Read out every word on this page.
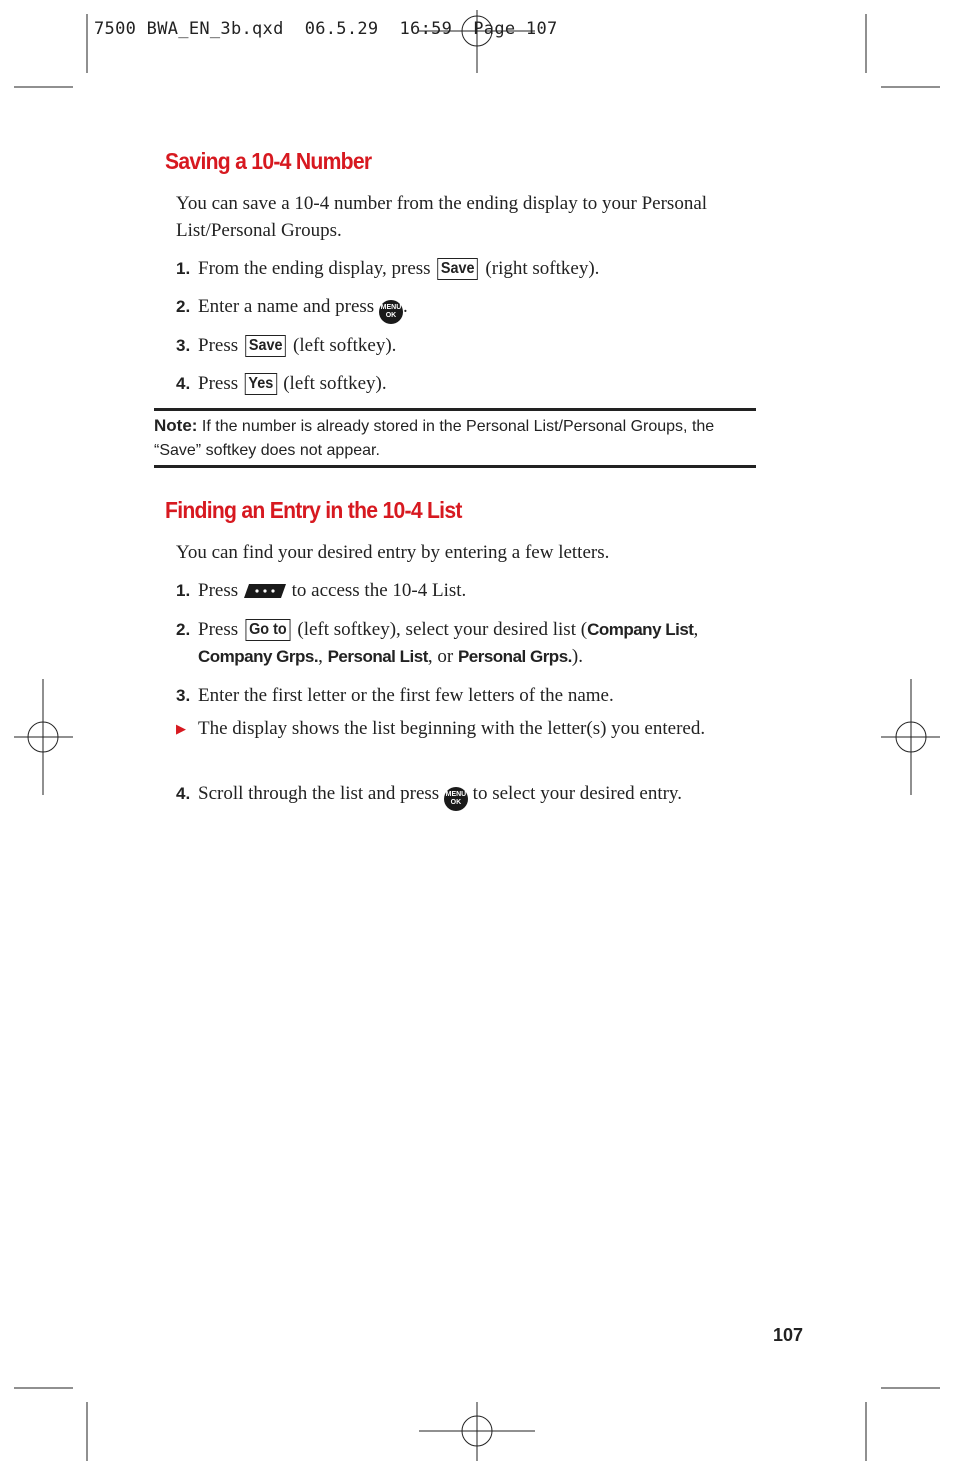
7500 BWA_EN_3b.qxd  06.5.29  16:59  Page 107
Saving a 10-4 Number

You can save a 10-4 number from the ending display to your Personal List/Personal Groups.

1. From the ending display, press Save (right softkey).
2. Enter a name and press MENU
OK .
3. Press Save (left softkey).
4. Press Yes (left softkey).
Note: If the number is already stored in the Personal List/Personal Groups, the “Save” softkey does not appear.
Finding an Entry in the 10-4 List

You can find your desired entry by entering a few letters.

1. Press	to access the 10-4 List.
2. Press Go to (left softkey), select your desired list (Company List, Company Grps., Personal List, or Personal Grps.).
3. Enter the first letter or the first few letters of the name.
▶ The display shows the list beginning with the letter(s) you entered.
4. Scroll through the list and press MENU
OK to select your desired entry.
107
